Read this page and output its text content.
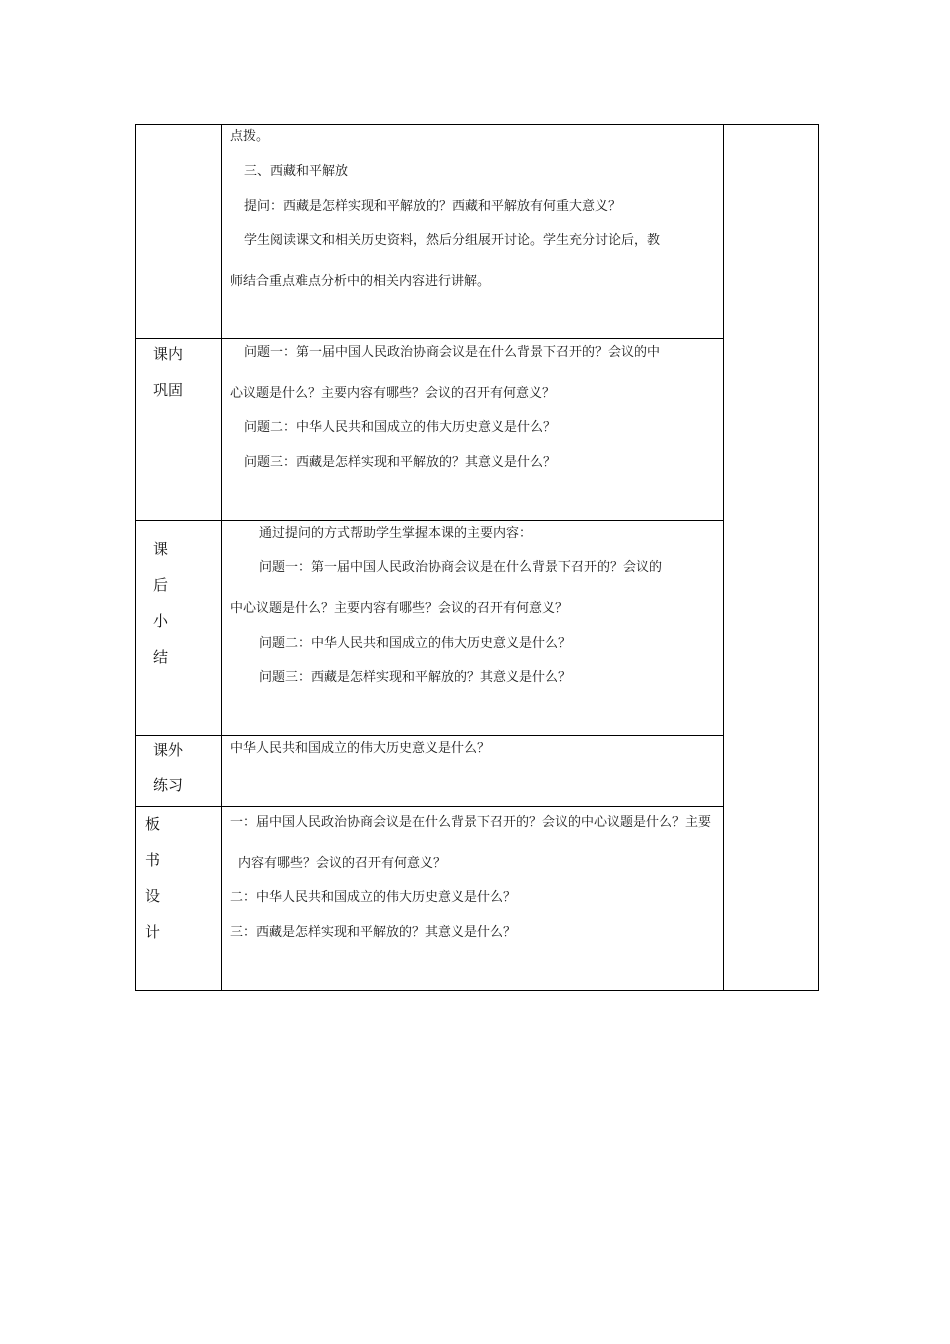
点拨。
三、西藏和平解放
提问：西藏是怎样实现和平解放的？西藏和平解放有何重大意义？
学生阅读课文和相关历史资料，然后分组展开讨论。学生充分讨论后，教
师结合重点难点分析中的相关内容进行讲解。
课内
巩固
问题一：第一届中国人民政治协商会议是在什么背景下召开的？会议的中
心议题是什么？主要内容有哪些？会议的召开有何意义？
问题二：中华人民共和国成立的伟大历史意义是什么？
问题三：西藏是怎样实现和平解放的？其意义是什么？
课
后
小
结
通过提问的方式帮助学生掌握本课的主要内容：
问题一：第一届中国人民政治协商会议是在什么背景下召开的？会议的
中心议题是什么？主要内容有哪些？会议的召开有何意义？
问题二：中华人民共和国成立的伟大历史意义是什么？
问题三：西藏是怎样实现和平解放的？其意义是什么？
课外
练习
中华人民共和国成立的伟大历史意义是什么？
板
书
设
计
一：届中国人民政治协商会议是在什么背景下召开的？会议的中心议题是什么？主要
内容有哪些？会议的召开有何意义？
二：中华人民共和国成立的伟大历史意义是什么？
三：西藏是怎样实现和平解放的？其意义是什么？
